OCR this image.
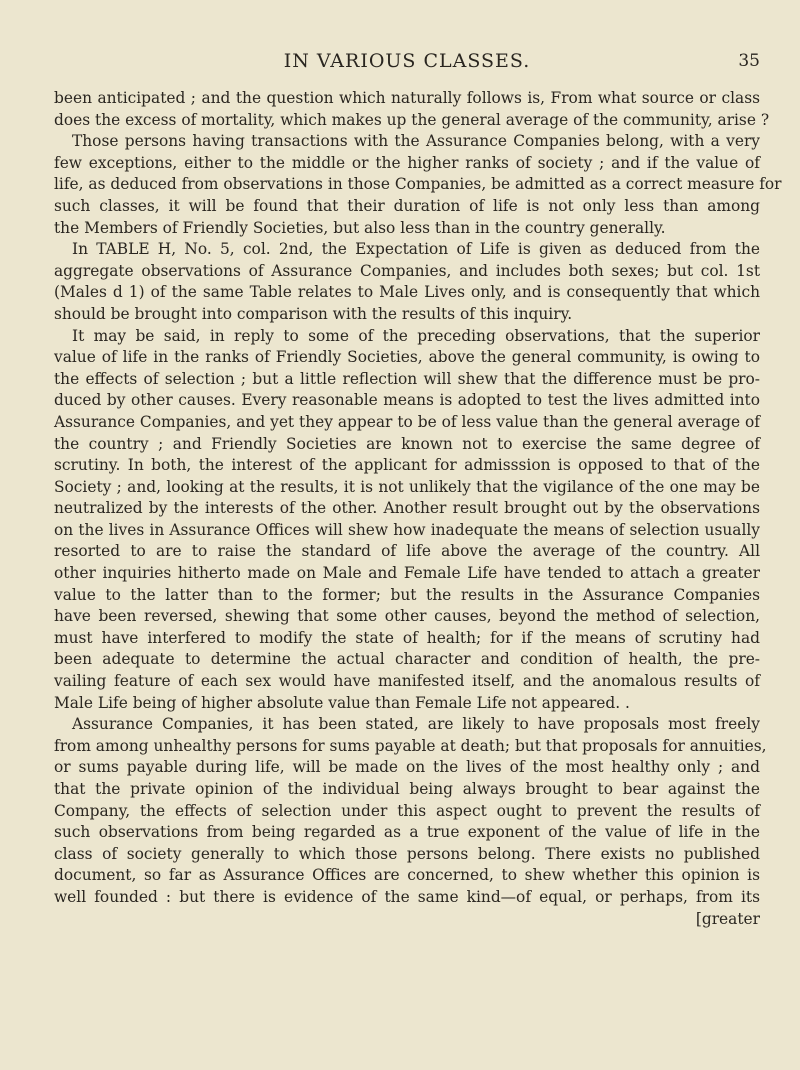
IN VARIOUS CLASSES.	35
been anticipated ; and the question which naturally follows is, From what source or class
does the excess of mortality, which makes up the general average of the community, arise ?
Those persons having transactions with the Assurance Companies belong, with a very
few exceptions, either to the middle or the higher ranks of society ; and if the value of
life, as deduced from observations in those Companies, be admitted as a correct measure for
such classes, it will be found that their duration of life is not only less than among
the Members of Friendly Societies, but also less than in the country generally.
In TABLE H, No. 5, col. 2nd, the Expectation of Life is given as deduced from the
aggregate observations of Assurance Companies, and includes both sexes; but col. 1st
(Males d 1) of the same Table relates to Male Lives only, and is consequently that which
should be brought into comparison with the results of this inquiry.
It may be said, in reply to some of the preceding observations, that the superior
value of life in the ranks of Friendly Societies, above the general community, is owing to
the effects of selection ; but a little reflection will shew that the difference must be pro-
duced by other causes. Every reasonable means is adopted to test the lives admitted into
Assurance Companies, and yet they appear to be of less value than the general average of
the country ; and Friendly Societies are known not to exercise the same degree of
scrutiny. In both, the interest of the applicant for admisssion is opposed to that of the
Society ; and, looking at the results, it is not unlikely that the vigilance of the one may be
neutralized by the interests of the other. Another result brought out by the observations
on the lives in Assurance Offices will shew how inadequate the means of selection usually
resorted to are to raise the standard of life above the average of the country. All
other inquiries hitherto made on Male and Female Life have tended to attach a greater
value to the latter than to the former; but the results in the Assurance Companies
have been reversed, shewing that some other causes, beyond the method of selection,
must have interfered to modify the state of health; for if the means of scrutiny had
been adequate to determine the actual character and condition of health, the pre-
vailing feature of each sex would have manifested itself, and the anomalous results of
Male Life being of higher absolute value than Female Life not appeared. .
Assurance Companies, it has been stated, are likely to have proposals most freely
from among unhealthy persons for sums payable at death; but that proposals for annuities,
or sums payable during life, will be made on the lives of the most healthy only ; and
that the private opinion of the individual being always brought to bear against the
Company, the effects of selection under this aspect ought to prevent the results of
such observations from being regarded as a true exponent of the value of life in the
class of society generally to which those persons belong. There exists no published
document, so far as Assurance Offices are concerned, to shew whether this opinion is
well founded : but there is evidence of the same kind—of equal, or perhaps, from its
[greater
